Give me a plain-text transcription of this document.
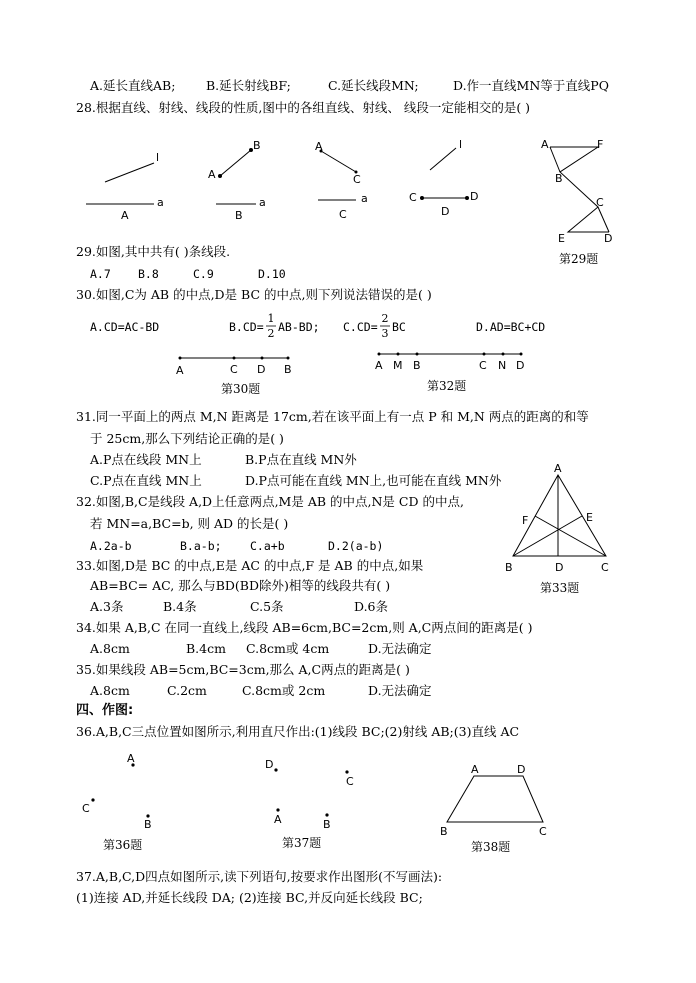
A.延长直线AB; B.延长射线BF;	C.延长线段MN;	D.作一直线MN等于直线PQ
28.根据直线、射线、线段的性质,图中的各组直线、射线、 线段一定能相交的是( )
l
a
A
B
A
a
B
A
C
a
C
l
C	D
D
A	F
B
C
E	D
第29题
29.如图,其中共有( )条线段.
A.7 B.8	C.9	D.10
30.如图,C为 AB 的中点,D是 BC 的中点,则下列说法错误的是( )
A.CD=AC-BD	B.CD=
1
2 AB-BD; C.CD=
2
3 BC	D.AD=BC+CD
A	C D B
第30题
A M B	C N D
第32题
31.同一平面上的两点 M,N 距离是 17cm,若在该平面上有一点 P 和 M,N 两点的距离的和等
于 25cm,那么下列结论正确的是( )
A.P点在线段 MN上	B.P点在直线 MN外
C.P点在直线 MN上	D.P点可能在直线 MN上,也可能在直线 MN外
32.如图,B,C是线段 A,D上任意两点,M是 AB 的中点,N是 CD 的中点,
若 MN=a,BC=b, 则 AD 的长是( )
A.2a-b	B.a-b; C.a+b	D.2(a-b)
A
F	E
B	D	C
第33题
33.如图,D是 BC 的中点,E是 AC 的中点,F 是 AB 的中点,如果
AB=BC= AC, 那么与BD(BD除外)相等的线段共有( )
A.3条	B.4条	C.5条	D.6条
34.如果 A,B,C 在同一直线上,线段 AB=6cm,BC=2cm,则 A,C两点间的距离是( )
A.8cm	B.4cm C.8cm或 4cm	D.无法确定
35.如果线段 AB=5cm,BC=3cm,那么 A,C两点的距离是( )
A.8cm	C.2cm	C.8cm或 2cm	D.无法确定
四、作图:
36.A,B,C三点位置如图所示,利用直尺作出:(1)线段 BC;(2)射线 AB;(3)直线 AC
A
C
B
第36题
D
C
A	B
第37题
A	D
B	C
第38题
37.A,B,C,D四点如图所示,读下列语句,按要求作出图形(不写画法):
(1)连接 AD,并延长线段 DA; (2)连接 BC,并反向延长线段 BC;
